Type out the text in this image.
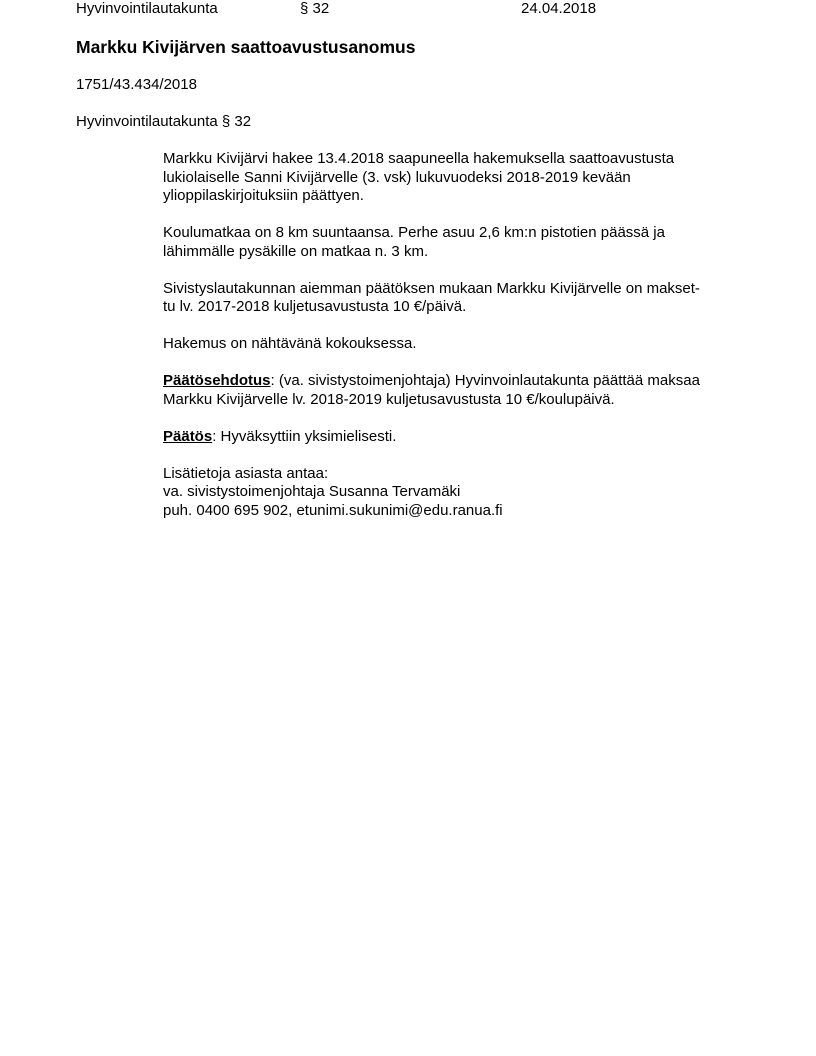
Hyvinvointilautakunta	§ 32	24.04.2018
Markku Kivijärven saattoavustusanomus
1751/43.434/2018
Hyvinvointilautakunta § 32

Markku Kivijärvi hakee 13.4.2018 saapuneella hakemuksella saattoavustusta
lukiolaiselle Sanni Kivijärvelle (3. vsk) lukuvuodeksi 2018-2019 kevään
ylioppilaskirjoituksiin päättyen.

Koulumatkaa on 8 km suuntaansa. Perhe asuu 2,6 km:n pistotien päässä ja
lähimmälle pysäkille on matkaa n. 3 km.

Sivistyslautakunnan aiemman päätöksen mukaan Markku Kivijärvelle on makset-
tu lv. 2017-2018 kuljetusavustusta 10 €/päivä.

Hakemus on nähtävänä kokouksessa.

Päätösehdotus: (va. sivistystoimenjohtaja) Hyvinvoinlautakunta päättää maksaa
Markku Kivijärvelle lv. 2018-2019 kuljetusavustusta 10 €/koulupäivä.

Päätös: Hyväksyttiin yksimielisesti.

Lisätietoja asiasta antaa:
va. sivistystoimenjohtaja Susanna Tervamäki
puh. 0400 695 902, etunimi.sukunimi@edu.ranua.fi
